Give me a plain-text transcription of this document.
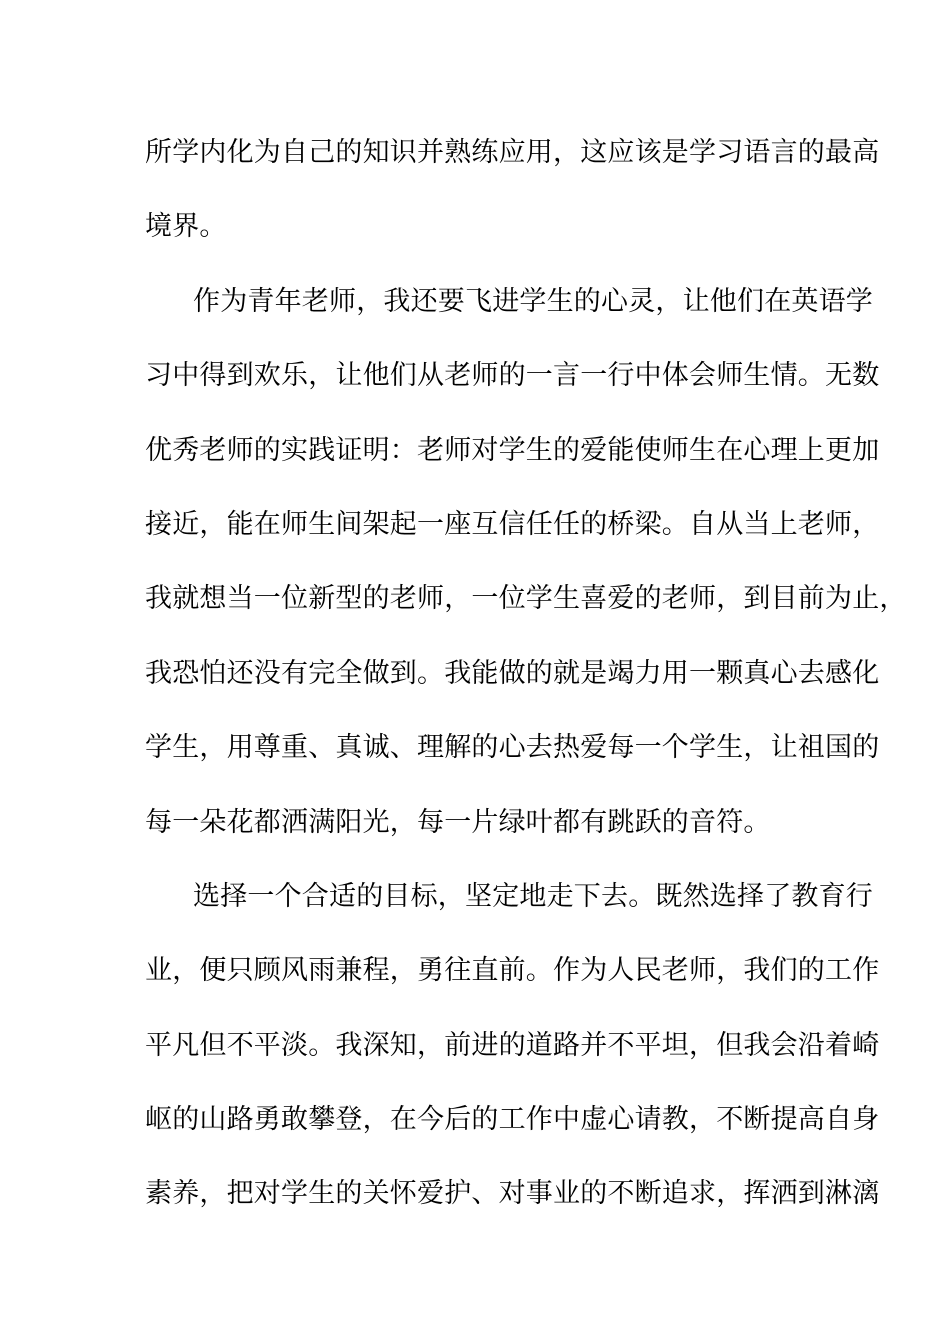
所学内化为自己的知识并熟练应用，这应该是学习语言的最高
境界。
作为青年老师，我还要飞进学生的心灵，让他们在英语学
习中得到欢乐，让他们从老师的一言一行中体会师生情。无数
优秀老师的实践证明：老师对学生的爱能使师生在心理上更加
接近，能在师生间架起一座互信任任的桥梁。自从当上老师，
我就想当一位新型的老师，一位学生喜爱的老师，到目前为止，
我恐怕还没有完全做到。我能做的就是竭力用一颗真心去感化
学生，用尊重、真诚、理解的心去热爱每一个学生，让祖国的
每一朵花都洒满阳光，每一片绿叶都有跳跃的音符。
选择一个合适的目标，坚定地走下去。既然选择了教育行
业，便只顾风雨兼程，勇往直前。作为人民老师，我们的工作
平凡但不平淡。我深知，前进的道路并不平坦，但我会沿着崎
岖的山路勇敢攀登，在今后的工作中虚心请教，不断提高自身
素养，把对学生的关怀爱护、对事业的不断追求，挥洒到淋漓
